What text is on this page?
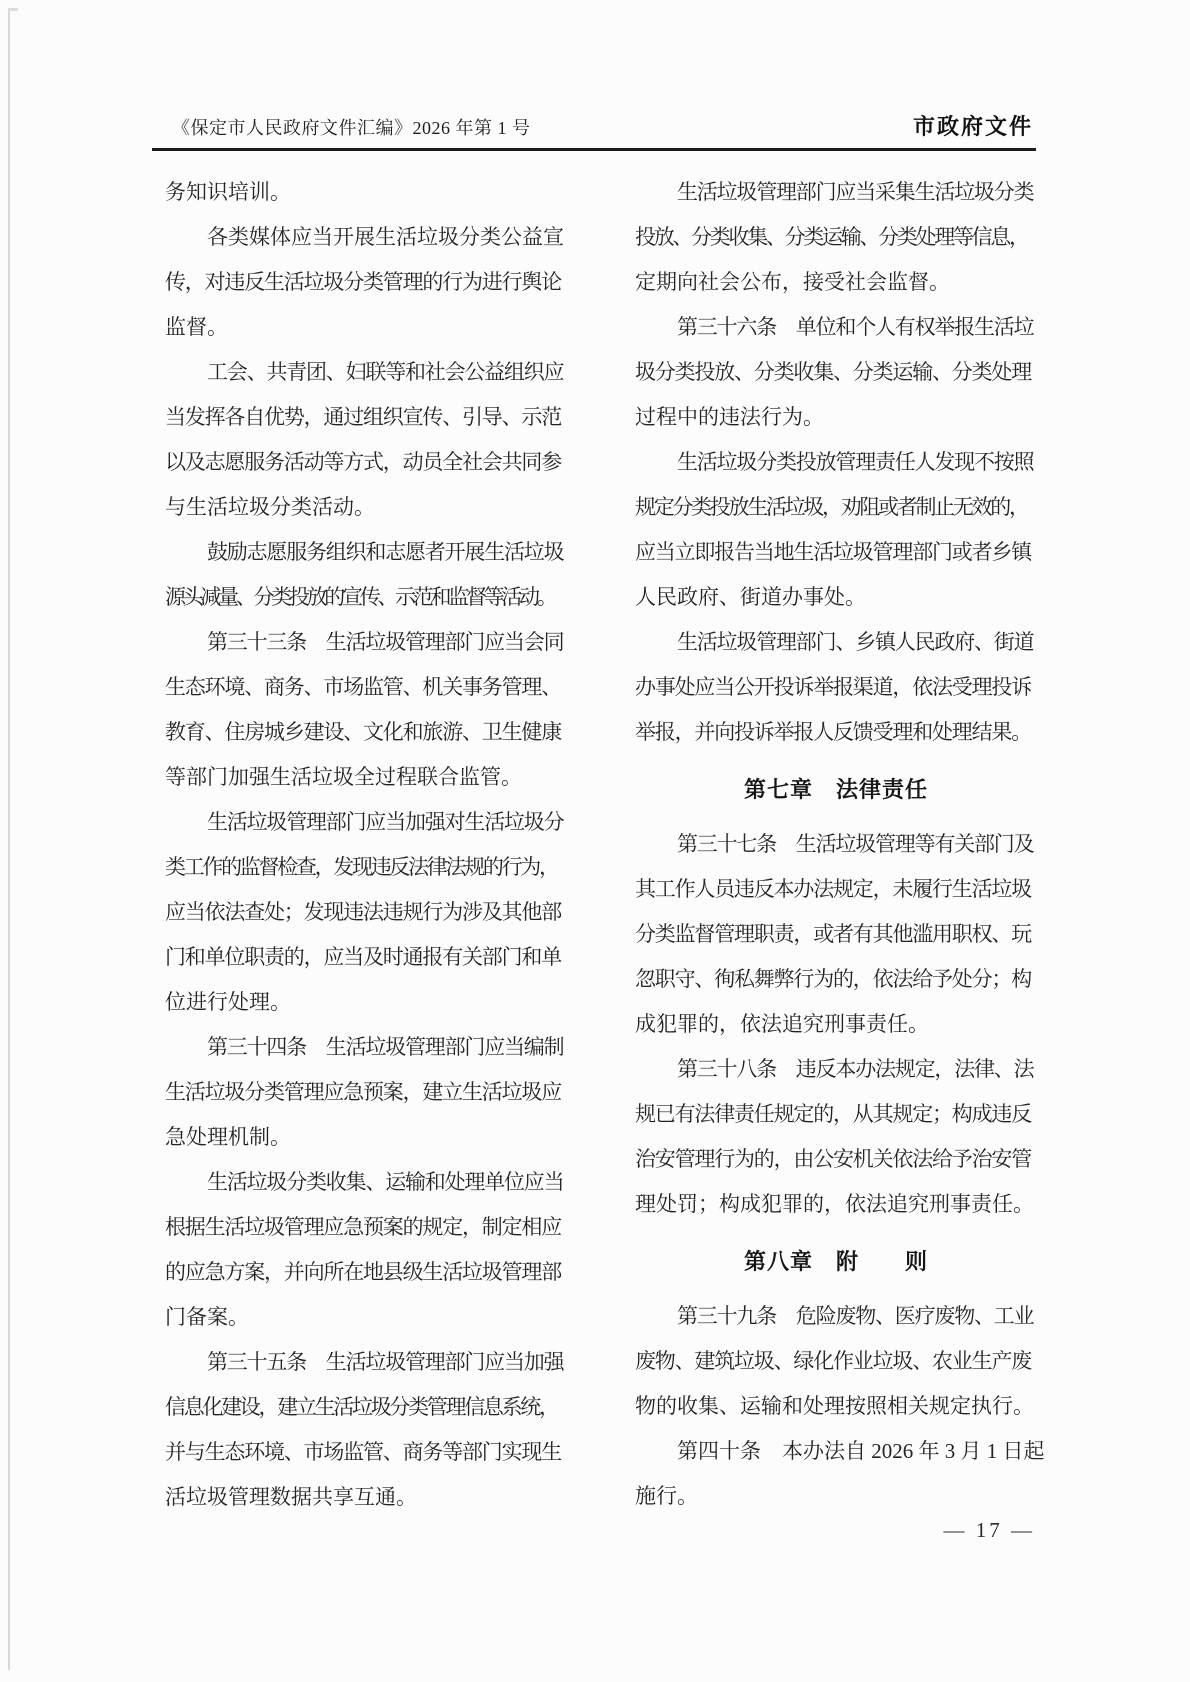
《保定市人民政府文件汇编》2026 年第 1 号	市政府文件
务知识培训。
各类媒体应当开展生活垃圾分类公益宣
传，对违反生活垃圾分类管理的行为进行舆论
监督。
工会、共青团、妇联等和社会公益组织应
当发挥各自优势，通过组织宣传、引导、示范
以及志愿服务活动等方式，动员全社会共同参
与生活垃圾分类活动。
鼓励志愿服务组织和志愿者开展生活垃圾
源头减量、分类投放的宣传、示范和监督等活动。
第三十三条　生活垃圾管理部门应当会同
生态环境、商务、市场监管、机关事务管理、
教育、住房城乡建设、文化和旅游、卫生健康
等部门加强生活垃圾全过程联合监管。
生活垃圾管理部门应当加强对生活垃圾分
类工作的监督检查，发现违反法律法规的行为，
应当依法查处；发现违法违规行为涉及其他部
门和单位职责的，应当及时通报有关部门和单
位进行处理。
第三十四条　生活垃圾管理部门应当编制
生活垃圾分类管理应急预案，建立生活垃圾应
急处理机制。
生活垃圾分类收集、运输和处理单位应当
根据生活垃圾管理应急预案的规定，制定相应
的应急方案，并向所在地县级生活垃圾管理部
门备案。
第三十五条　生活垃圾管理部门应当加强
信息化建设，建立生活垃圾分类管理信息系统，
并与生态环境、市场监管、商务等部门实现生
活垃圾管理数据共享互通。
生活垃圾管理部门应当采集生活垃圾分类
投放、分类收集、分类运输、分类处理等信息，
定期向社会公布，接受社会监督。
第三十六条　单位和个人有权举报生活垃
圾分类投放、分类收集、分类运输、分类处理
过程中的违法行为。
生活垃圾分类投放管理责任人发现不按照
规定分类投放生活垃圾，劝阻或者制止无效的，
应当立即报告当地生活垃圾管理部门或者乡镇
人民政府、街道办事处。
生活垃圾管理部门、乡镇人民政府、街道
办事处应当公开投诉举报渠道，依法受理投诉
举报，并向投诉举报人反馈受理和处理结果。
第七章　法律责任
第三十七条　生活垃圾管理等有关部门及
其工作人员违反本办法规定，未履行生活垃圾
分类监督管理职责，或者有其他滥用职权、玩
忽职守、徇私舞弊行为的，依法给予处分；构
成犯罪的，依法追究刑事责任。
第三十八条　违反本办法规定，法律、法
规已有法律责任规定的，从其规定；构成违反
治安管理行为的，由公安机关依法给予治安管
理处罚；构成犯罪的，依法追究刑事责任。
第八章　附　　则
第三十九条　危险废物、医疗废物、工业
废物、建筑垃圾、绿化作业垃圾、农业生产废
物的收集、运输和处理按照相关规定执行。
第四十条　本办法自 2026 年 3 月 1 日起
施行。
— 17 —
